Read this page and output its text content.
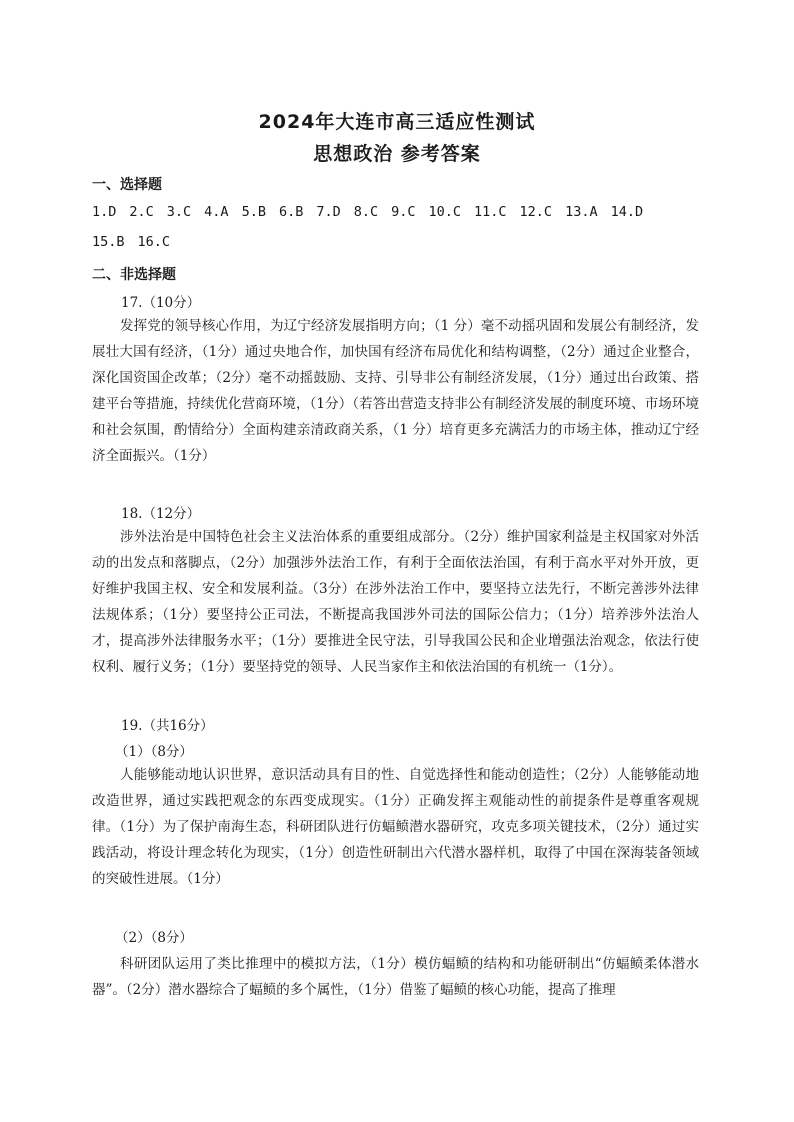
2024年大连市高三适应性测试
思想政治 参考答案
一、选择题
1.D 2.C 3.C 4.A 5.B 6.B 7.D 8.C 9.C 10.C 11.C 12.C 13.A 14.D
15.B 16.C
二、非选择题
17.（10分）
发挥党的领导核心作用，为辽宁经济发展指明方向；（1 分）毫不动摇巩固和发展公有制经济，发展壮大国有经济，（1分）通过央地合作，加快国有经济布局优化和结构调整，（2分）通过企业整合，深化国资国企改革；（2分）毫不动摇鼓励、支持、引导非公有制经济发展，（1分）通过出台政策、搭建平台等措施，持续优化营商环境，（1分）（若答出营造支持非公有制经济发展的制度环境、市场环境和社会氛围，酌情给分）全面构建亲清政商关系，（1 分）培育更多充满活力的市场主体，推动辽宁经济全面振兴。（1分）
18.（12分）
涉外法治是中国特色社会主义法治体系的重要组成部分。（2分）维护国家利益是主权国家对外活动的出发点和落脚点，（2分）加强涉外法治工作，有利于全面依法治国，有利于高水平对外开放，更好维护我国主权、安全和发展利益。（3分）在涉外法治工作中，要坚持立法先行，不断完善涉外法律法规体系；（1分）要坚持公正司法，不断提高我国涉外司法的国际公信力；（1分）培养涉外法治人才，提高涉外法律服务水平；（1分）要推进全民守法，引导我国公民和企业增强法治观念，依法行使权利、履行义务；（1分）要坚持党的领导、人民当家作主和依法治国的有机统一（1分）。
19.（共16分）
（1）（8分）
人能够能动地认识世界，意识活动具有目的性、自觉选择性和能动创造性；（2分）人能够能动地改造世界，通过实践把观念的东西变成现实。（1分）正确发挥主观能动性的前提条件是尊重客观规律。（1分）为了保护南海生态，科研团队进行仿蝠鲼潜水器研究，攻克多项关键技术，（2分）通过实践活动，将设计理念转化为现实，（1分）创造性研制出六代潜水器样机，取得了中国在深海装备领域的突破性进展。（1分）
（2）（8分）
科研团队运用了类比推理中的模拟方法，（1分）模仿蝠鲼的结构和功能研制出“仿蝠鲼柔体潜水器”。（2分）潜水器综合了蝠鲼的多个属性，（1分）借鉴了蝠鲼的核心功能，提高了推理
